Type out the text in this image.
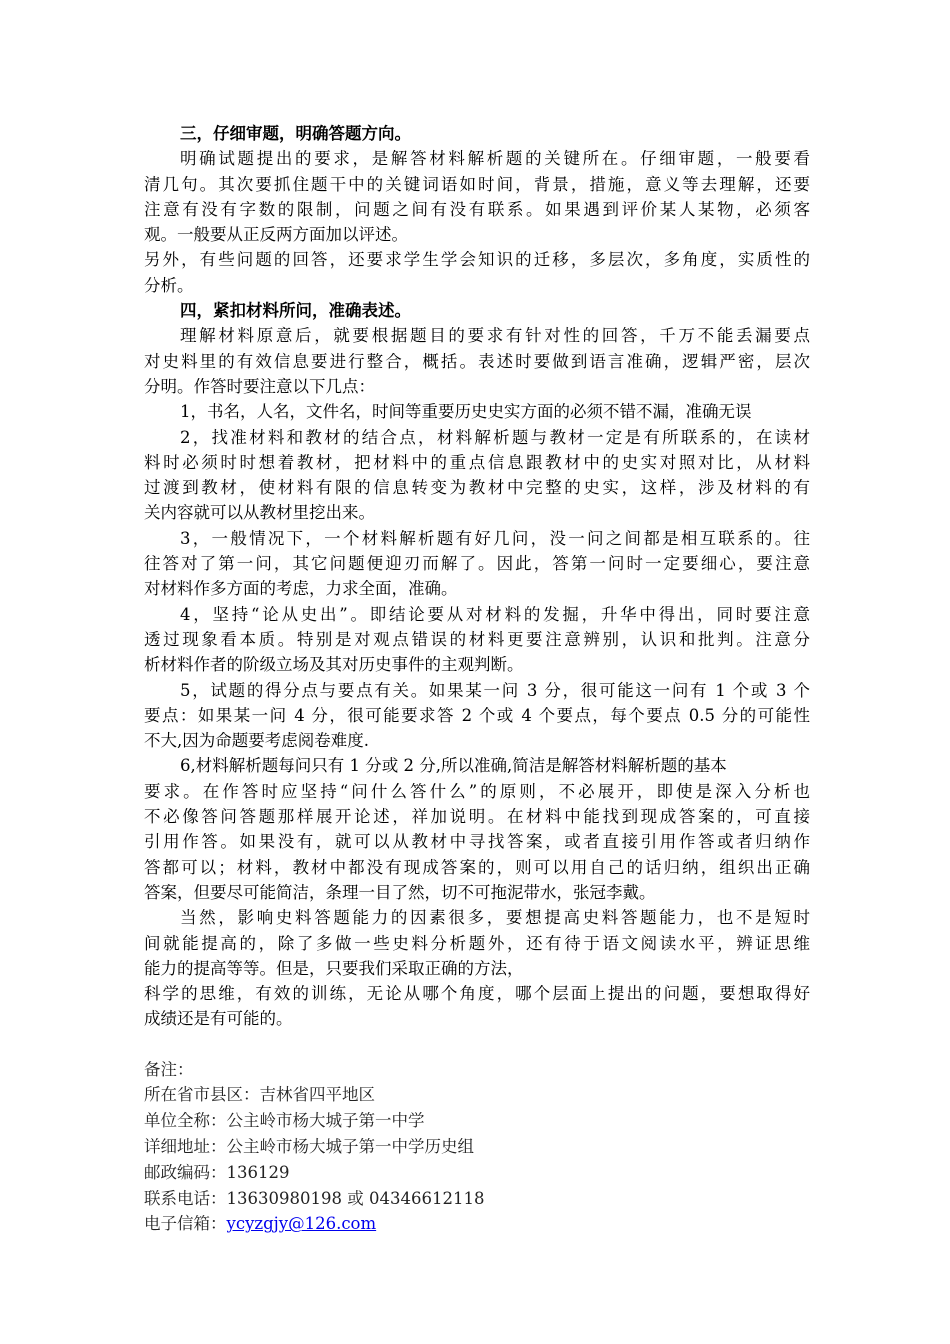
三，仔细审题，明确答题方向。
明确试题提出的要求，是解答材料解析题的关键所在。仔细审题，一般要看
清几句。其次要抓住题干中的关键词语如时间，背景，措施，意义等去理解，还要
注意有没有字数的限制，问题之间有没有联系。如果遇到评价某人某物，必须客
观。一般要从正反两方面加以评述。
另外，有些问题的回答，还要求学生学会知识的迁移，多层次，多角度，实质性的
分析。
四，紧扣材料所问，准确表述。
理解材料原意后，就要根据题目的要求有针对性的回答，千万不能丢漏要点
对史料里的有效信息要进行整合，概括。表述时要做到语言准确，逻辑严密，层次
分明。作答时要注意以下几点：
1，书名，人名，文件名，时间等重要历史史实方面的必须不错不漏，准确无误
2，找准材料和教材的结合点，材料解析题与教材一定是有所联系的，在读材
料时必须时时想着教材，把材料中的重点信息跟教材中的史实对照对比，从材料
过渡到教材，使材料有限的信息转变为教材中完整的史实，这样，涉及材料的有
关内容就可以从教材里挖出来。
3，一般情况下，一个材料解析题有好几问，没一问之间都是相互联系的。往
往答对了第一问，其它问题便迎刃而解了。因此，答第一问时一定要细心，要注意
对材料作多方面的考虑，力求全面，准确。
4，坚持“论从史出”。即结论要从对材料的发掘，升华中得出，同时要注意
透过现象看本质。特别是对观点错误的材料更要注意辨别，认识和批判。注意分
析材料作者的阶级立场及其对历史事件的主观判断。
5，试题的得分点与要点有关。如果某一问 3 分，很可能这一问有 1 个或 3 个
要点：如果某一问 4 分，很可能要求答 2 个或 4 个要点，每个要点 0.5 分的可能性
不大,因为命题要考虑阅卷难度.
6,材料解析题每问只有 1 分或 2 分,所以准确,简洁是解答材料解析题的基本
要求。在作答时应坚持“问什么答什么”的原则，不必展开，即使是深入分析也
不必像答问答题那样展开论述，祥加说明。在材料中能找到现成答案的，可直接
引用作答。如果没有，就可以从教材中寻找答案，或者直接引用作答或者归纳作
答都可以；材料，教材中都没有现成答案的，则可以用自己的话归纳，组织出正确
答案，但要尽可能简洁，条理一目了然，切不可拖泥带水，张冠李戴。
当然，影响史料答题能力的因素很多，要想提高史料答题能力，也不是短时
间就能提高的，除了多做一些史料分析题外，还有待于语文阅读水平，辨证思维
能力的提高等等。但是，只要我们采取正确的方法，
科学的思维，有效的训练，无论从哪个角度，哪个层面上提出的问题，要想取得好
成绩还是有可能的。
备注：
所在省市县区：吉林省四平地区
单位全称：公主岭市杨大城子第一中学
详细地址：公主岭市杨大城子第一中学历史组
邮政编码：136129
联系电话：13630980198 或 04346612118
电子信箱：ycyzgjy@126.com
